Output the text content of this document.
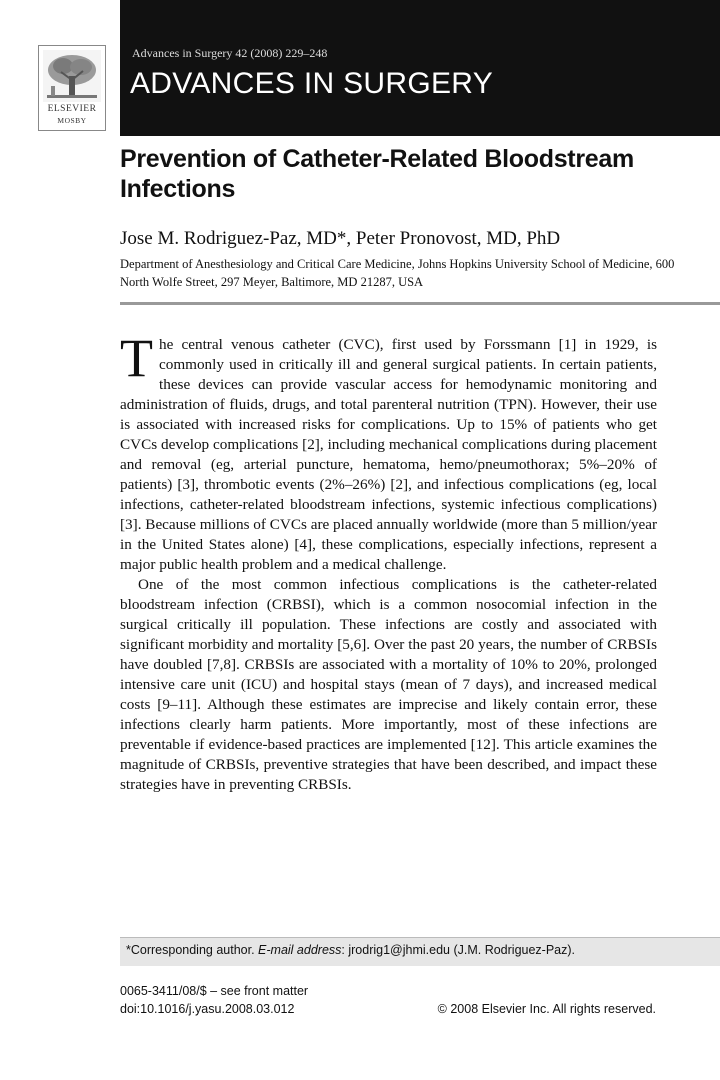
ELSEVIER
MOSBY
Advances in Surgery 42 (2008) 229–248
ADVANCES IN SURGERY
Prevention of Catheter-Related Bloodstream Infections
Jose M. Rodriguez-Paz, MD*, Peter Pronovost, MD, PhD
Department of Anesthesiology and Critical Care Medicine, Johns Hopkins University School of Medicine, 600 North Wolfe Street, 297 Meyer, Baltimore, MD 21287, USA

The central venous catheter (CVC), first used by Forssmann [1] in 1929, is commonly used in critically ill and general surgical patients. In certain patients, these devices can provide vascular access for hemodynamic monitoring and administration of fluids, drugs, and total parenteral nutrition (TPN). However, their use is associated with increased risks for complications. Up to 15% of patients who get CVCs develop complications [2], including mechanical complications during placement and removal (eg, arterial puncture, hematoma, hemo/pneumothorax; 5%–20% of patients) [3], thrombotic events (2%–26%) [2], and infectious complications (eg, local infections, catheter-related bloodstream infections, systemic infectious complications) [3]. Because millions of CVCs are placed annually worldwide (more than 5 million/year in the United States alone) [4], these complications, especially infections, represent a major public health problem and a medical challenge.

One of the most common infectious complications is the catheter-related bloodstream infection (CRBSI), which is a common nosocomial infection in the surgical critically ill population. These infections are costly and associated with significant morbidity and mortality [5,6]. Over the past 20 years, the number of CRBSIs have doubled [7,8]. CRBSIs are associated with a mortality of 10% to 20%, prolonged intensive care unit (ICU) and hospital stays (mean of 7 days), and increased medical costs [9–11]. Although these estimates are imprecise and likely contain error, these infections clearly harm patients. More importantly, most of these infections are preventable if evidence-based practices are implemented [12]. This article examines the magnitude of CRBSIs, preventive strategies that have been described, and impact these strategies have in preventing CRBSIs.

*Corresponding author. E-mail address: jrodrig1@jhmi.edu (J.M. Rodriguez-Paz).
0065-3411/08/$ – see front matter
doi:10.1016/j.yasu.2008.03.012	© 2008 Elsevier Inc. All rights reserved.
